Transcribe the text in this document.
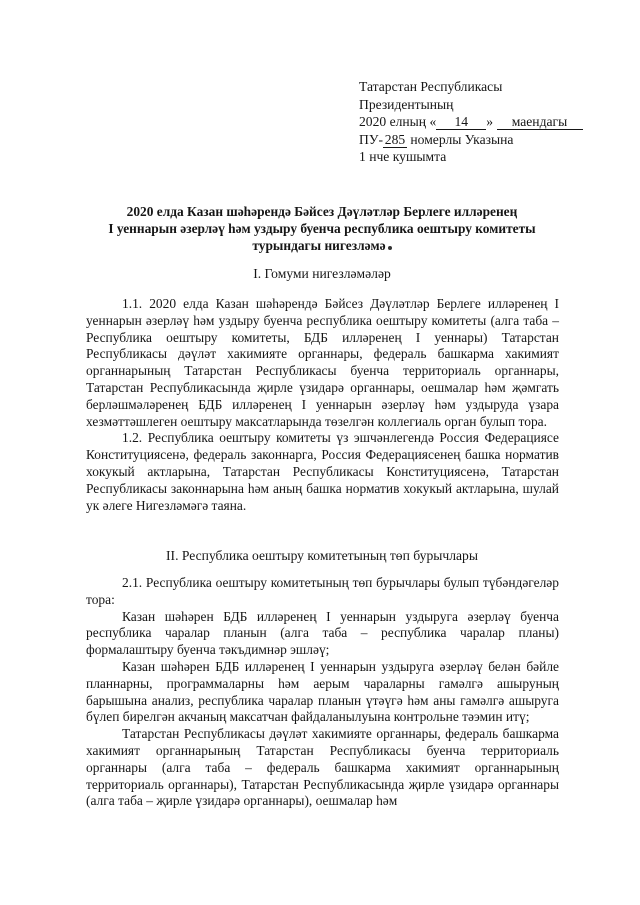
Татарстан Республикасы
Президентының
2020 елның « 14 » маендагы
ПУ- 285 номерлы Указына
1 нче кушымта
2020 елда Казан шәһәрендә Бәйсез Дәүләтләр Берлеге илләренең
I уеннарын әзерләү һәм уздыру буенча республика оештыру комитеты
турындагы нигезләмә
I. Гомуми нигезләмәләр

1.1. 2020 елда Казан шәһәрендә Бәйсез Дәүләтләр Берлеге илләренең I уеннарын әзерләү һәм уздыру буенча республика оештыру комитеты (алга таба – Республика оештыру комитеты, БДБ илләренең I уеннары) Татарстан Республикасы дәүләт хакимияте органнары, федераль башкарма хакимият органнарының Татарстан Республикасы буенча территориаль органнары, Татарстан Республикасында җирле үзидарә органнары, оешмалар һәм җәмгать берләшмәләренең БДБ илләренең I уеннарын әзерләү һәм уздыруда үзара хезмәттәшлеген оештыру максатларында төзелгән коллегиаль орган булып тора.

1.2. Республика оештыру комитеты үз эшчәнлегендә Россия Федерациясе Конституциясенә, федераль законнарга, Россия Федерациясенең башка норматив хокукый актларына, Татарстан Республикасы Конституциясенә, Татарстан Республикасы законнарына һәм аның башка норматив хокукый актларына, шулай ук әлеге Нигезләмәгә таяна.

II. Республика оештыру комитетының төп бурычлары

2.1. Республика оештыру комитетының төп бурычлары булып түбәндәгеләр тора:

Казан шәһәрен БДБ илләренең I уеннарын уздыруга әзерләү буенча республика чаралар планын (алга таба – республика чаралар планы) формалаштыру буенча тәкъдимнәр эшләү;

Казан шәһәрен БДБ илләренең I уеннарын уздыруга әзерләү белән бәйле планнарны, программаларны һәм аерым чараларны гамәлгә ашыруның барышына анализ, республика чаралар планын үтәүгә һәм аны гамәлгә ашыруга бүлеп бирелгән акчаның максатчан файдаланылуына контрольне тәэмин итү;

Татарстан Республикасы дәүләт хакимияте органнары, федераль башкарма хакимият органнарының Татарстан Республикасы буенча территориаль органнары (алга таба – федераль башкарма хакимият органнарының территориаль органнары), Татарстан Республикасында җирле үзидарә органнары (алга таба – җирле үзидарә органнары), оешмалар һәм
